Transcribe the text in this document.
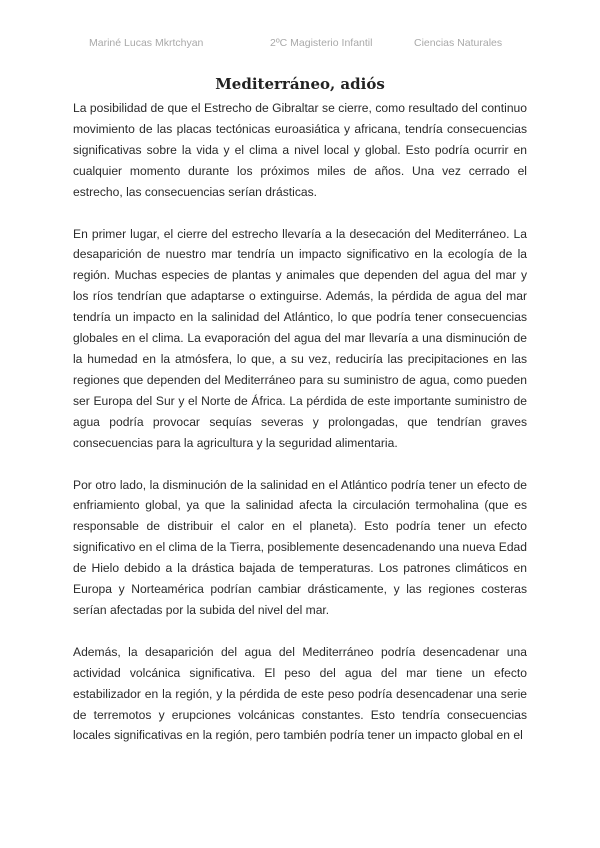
Mariné Lucas Mkrtchyan	2ºC Magisterio Infantil	Ciencias Naturales
Mediterráneo, adiós

La posibilidad de que el Estrecho de Gibraltar se cierre, como resultado del continuo movimiento de las placas tectónicas euroasiática y africana, tendría consecuencias significativas sobre la vida y el clima a nivel local y global. Esto podría ocurrir en cualquier momento durante los próximos miles de años. Una vez cerrado el estrecho, las consecuencias serían drásticas.

En primer lugar, el cierre del estrecho llevaría a la desecación del Mediterráneo. La desaparición de nuestro mar tendría un impacto significativo en la ecología de la región. Muchas especies de plantas y animales que dependen del agua del mar y los ríos tendrían que adaptarse o extinguirse. Además, la pérdida de agua del mar tendría un impacto en la salinidad del Atlántico, lo que podría tener consecuencias globales en el clima. La evaporación del agua del mar llevaría a una disminución de la humedad en la atmósfera, lo que, a su vez, reduciría las precipitaciones en las regiones que dependen del Mediterráneo para su suministro de agua, como pueden ser Europa del Sur y el Norte de África. La pérdida de este importante suministro de agua podría provocar sequías severas y prolongadas, que tendrían graves consecuencias para la agricultura y la seguridad alimentaria.

Por otro lado, la disminución de la salinidad en el Atlántico podría tener un efecto de enfriamiento global, ya que la salinidad afecta la circulación termohalina (que es responsable de distribuir el calor en el planeta). Esto podría tener un efecto significativo en el clima de la Tierra, posiblemente desencadenando una nueva Edad de Hielo debido a la drástica bajada de temperaturas. Los patrones climáticos en Europa y Norteamérica podrían cambiar drásticamente, y las regiones costeras serían afectadas por la subida del nivel del mar.

Además, la desaparición del agua del Mediterráneo podría desencadenar una actividad volcánica significativa. El peso del agua del mar tiene un efecto estabilizador en la región, y la pérdida de este peso podría desencadenar una serie de terremotos y erupciones volcánicas constantes. Esto tendría consecuencias locales significativas en la región, pero también podría tener un impacto global en el
